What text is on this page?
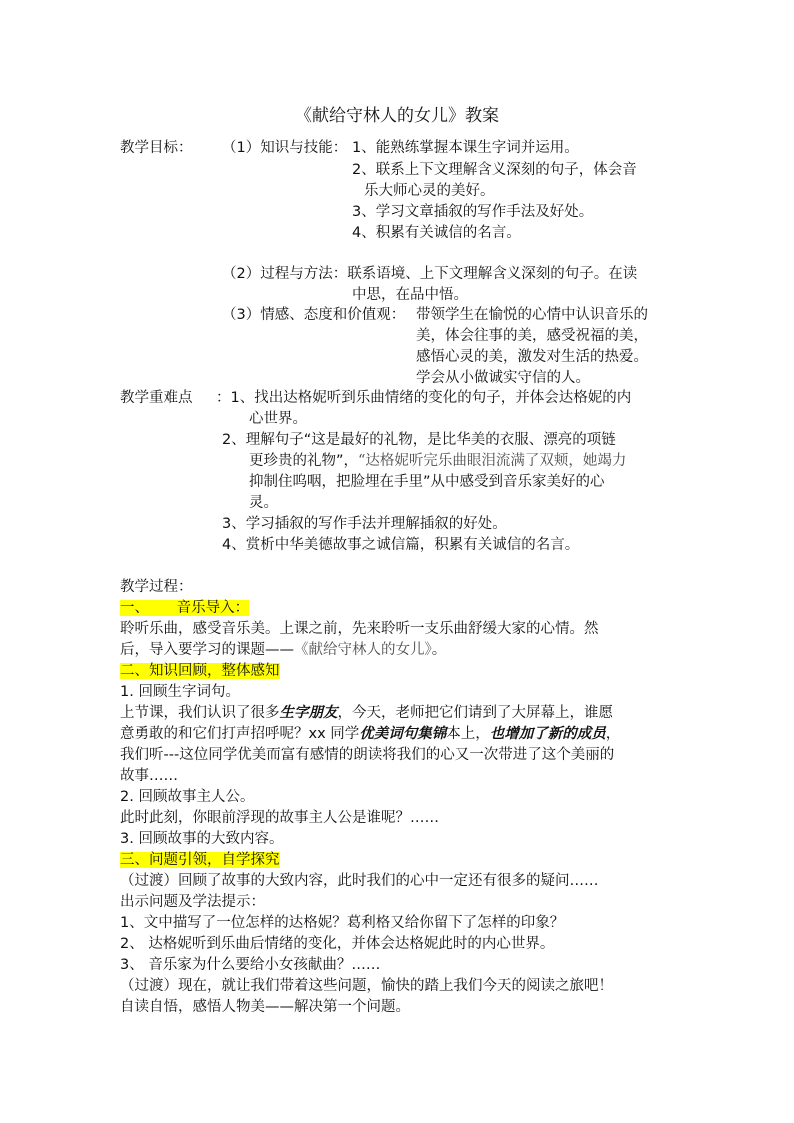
《献给守林人的女儿》教案
教学目标： （1）知识与技能： 1、能熟练掌握本课生字词并运用。
2、联系上下文理解含义深刻的句子，体会音
乐大师心灵的美好。
3、学习文章插叙的写作手法及好处。
4、积累有关诚信的名言。
（2）过程与方法：联系语境、上下文理解含义深刻的句子。在读
中思，在品中悟。
（3）情感、态度和价值观： 带领学生在愉悦的心情中认识音乐的
美，体会往事的美，感受祝福的美，
感悟心灵的美，激发对生活的热爱。
学会从小做诚实守信的人。
教学重难点 ：1、找出达格妮听到乐曲情绪的变化的句子，并体会达格妮的内
心世界。
2、理解句子“这是最好的礼物，是比华美的衣服、漂亮的项链
更珍贵的礼物”，“达格妮听完乐曲眼泪流满了双颊，她竭力
抑制住呜咽，把脸埋在手里”从中感受到音乐家美好的心
灵。
3、学习插叙的写作手法并理解插叙的好处。
4、赏析中华美德故事之诚信篇，积累有关诚信的名言。
教学过程：
一、      音乐导入：
聆听乐曲，感受音乐美。上课之前，先来聆听一支乐曲舒缓大家的心情。然
后，导入要学习的课题——《献给守林人的女儿》。
二、知识回顾，整体感知
1. 回顾生字词句。
上节课，我们认识了很多生字朋友，今天，老师把它们请到了大屏幕上，谁愿
意勇敢的和它们打声招呼呢？xx 同学优美词句集锦本上，也增加了新的成员，
我们听---这位同学优美而富有感情的朗读将我们的心又一次带进了这个美丽的
故事……
2. 回顾故事主人公。
此时此刻，你眼前浮现的故事主人公是谁呢？……
3. 回顾故事的大致内容。
三、问题引领，自学探究
（过渡）回顾了故事的大致内容，此时我们的心中一定还有很多的疑问……
出示问题及学法提示：
1、文中描写了一位怎样的达格妮？葛利格又给你留下了怎样的印象？
2、 达格妮听到乐曲后情绪的变化，并体会达格妮此时的内心世界。
3、 音乐家为什么要给小女孩献曲？……
（过渡）现在，就让我们带着这些问题，愉快的踏上我们今天的阅读之旅吧！
自读自悟，感悟人物美——解决第一个问题。
